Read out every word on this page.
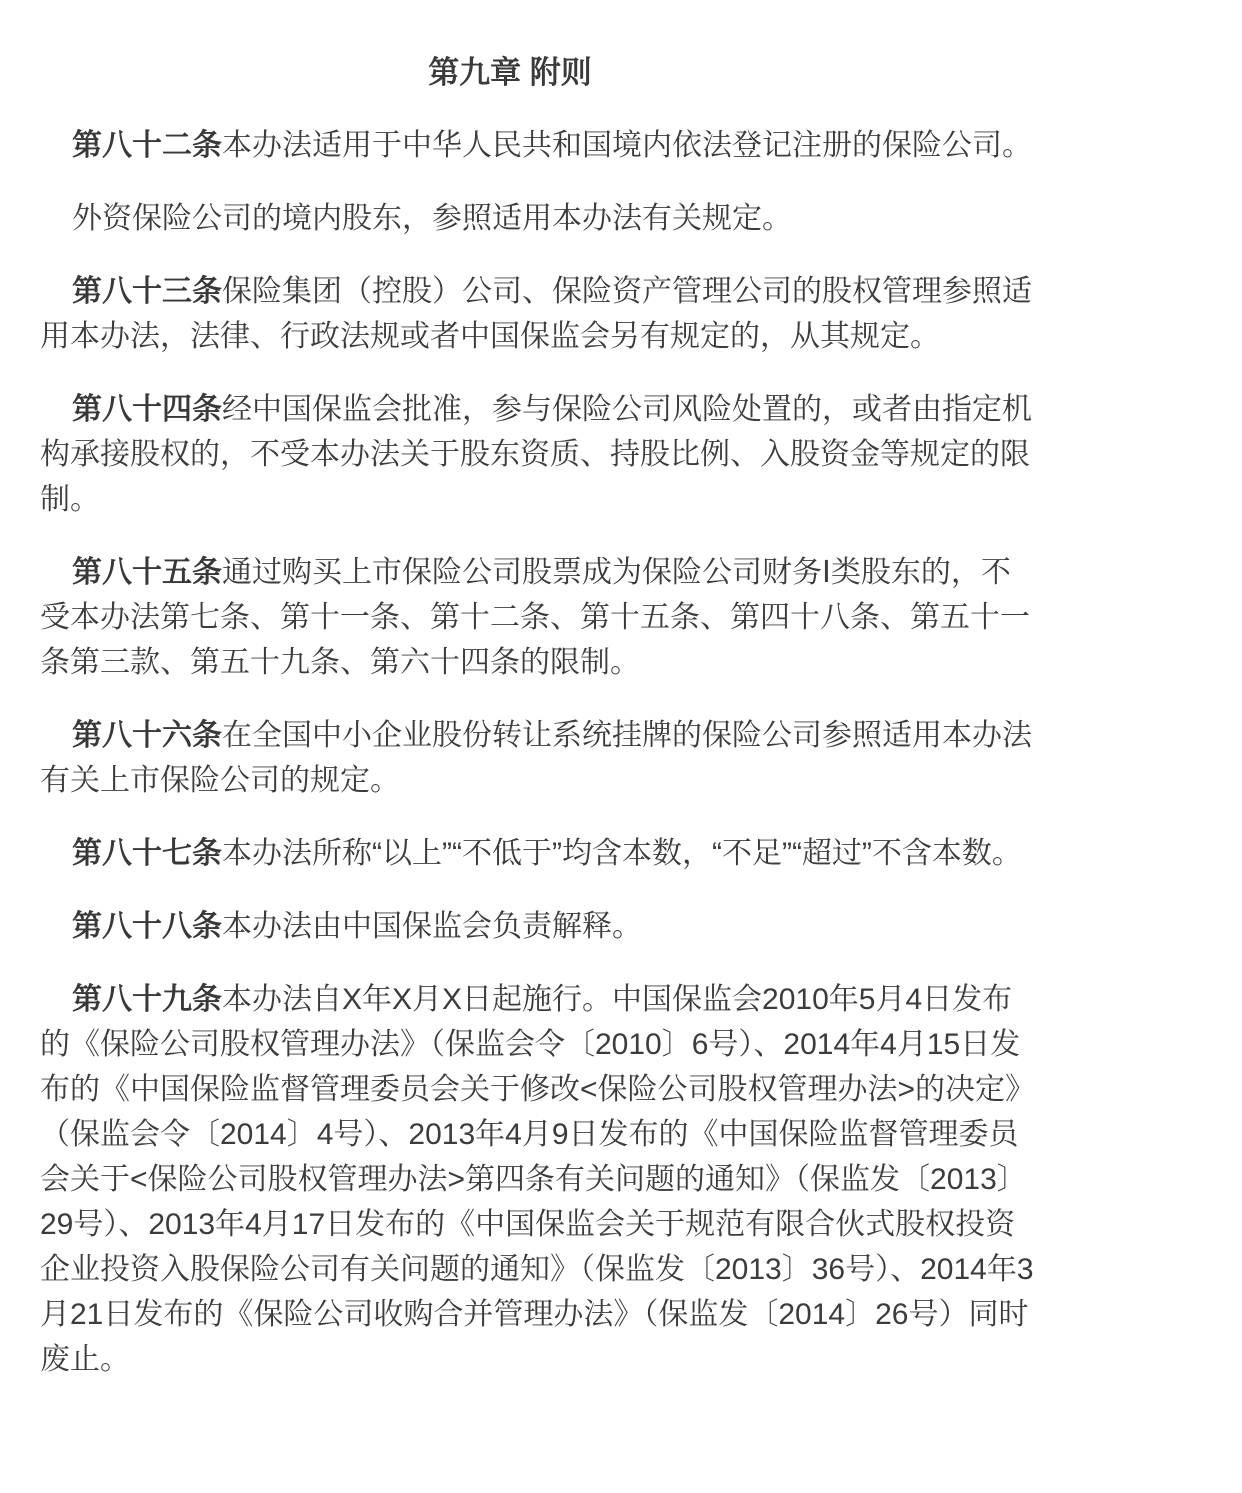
第九章 附则

第八十二条本办法适用于中华人民共和国境内依法登记注册的保险公司。

外资保险公司的境内股东，参照适用本办法有关规定。

第八十三条保险集团（控股）公司、保险资产管理公司的股权管理参照适用本办法，法律、行政法规或者中国保监会另有规定的，从其规定。

第八十四条经中国保监会批准，参与保险公司风险处置的，或者由指定机构承接股权的，不受本办法关于股东资质、持股比例、入股资金等规定的限制。

第八十五条通过购买上市保险公司股票成为保险公司财务Ⅰ类股东的，不受本办法第七条、第十一条、第十二条、第十五条、第四十八条、第五十一条第三款、第五十九条、第六十四条的限制。

第八十六条在全国中小企业股份转让系统挂牌的保险公司参照适用本办法有关上市保险公司的规定。

第八十七条本办法所称“以上”“不低于”均含本数，“不足”“超过”不含本数。

第八十八条本办法由中国保监会负责解释。

第八十九条本办法自X年X月X日起施行。中国保监会2010年5月4日发布的《保险公司股权管理办法》（保监会令〔2010〕6号）、2014年4月15日发布的《中国保险监督管理委员会关于修改<保险公司股权管理办法>的决定》（保监会令〔2014〕4号）、2013年4月9日发布的《中国保险监督管理委员会关于<保险公司股权管理办法>第四条有关问题的通知》（保监发〔2013〕29号）、2013年4月17日发布的《中国保监会关于规范有限合伙式股权投资企业投资入股保险公司有关问题的通知》（保监发〔2013〕36号）、2014年3月21日发布的《保险公司收购合并管理办法》（保监发〔2014〕26号）同时废止。
